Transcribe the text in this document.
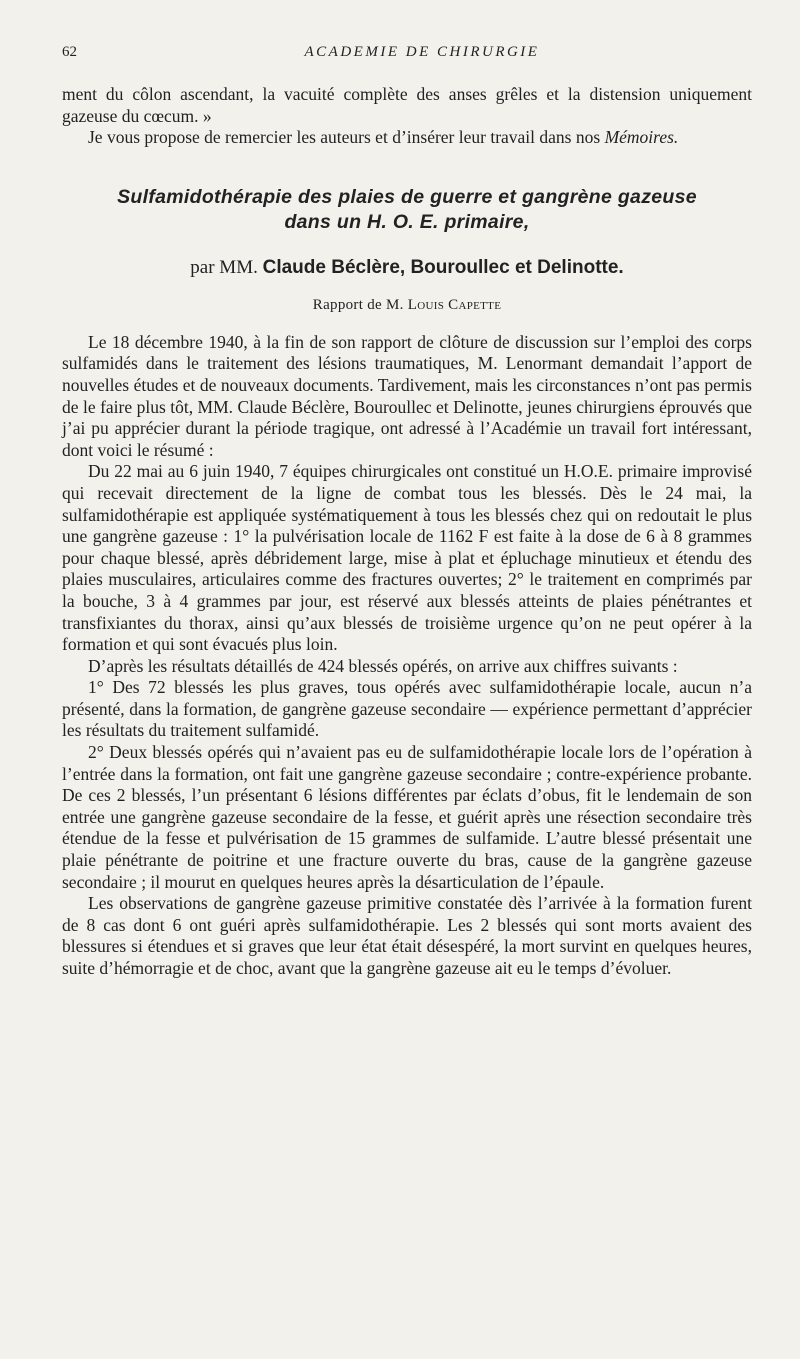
62	ACADEMIE DE CHIRURGIE

ment du côlon ascendant, la vacuité complète des anses grêles et la distension uniquement gazeuse du cœcum. »

Je vous propose de remercier les auteurs et d’insérer leur travail dans nos Mémoires.

Sulfamidothérapie des plaies de guerre et gangrène gazeuse
dans un H. O. E. primaire,
par MM. Claude Béclère, Bouroullec et Delinotte.
Rapport de M. Louis Capette

Le 18 décembre 1940, à la fin de son rapport de clôture de discussion sur l’emploi des corps sulfamidés dans le traitement des lésions traumatiques, M. Lenormant demandait l’apport de nouvelles études et de nouveaux documents. Tardivement, mais les circonstances n’ont pas permis de le faire plus tôt, MM. Claude Béclère, Bouroullec et Delinotte, jeunes chirurgiens éprouvés que j’ai pu apprécier durant la période tragique, ont adressé à l’Académie un travail fort intéressant, dont voici le résumé :

Du 22 mai au 6 juin 1940, 7 équipes chirurgicales ont constitué un H.O.E. primaire improvisé qui recevait directement de la ligne de combat tous les blessés. Dès le 24 mai, la sulfamidothérapie est appliquée systématiquement à tous les blessés chez qui on redoutait le plus une gangrène gazeuse : 1° la pulvérisation locale de 1162 F est faite à la dose de 6 à 8 grammes pour chaque blessé, après débridement large, mise à plat et épluchage minutieux et étendu des plaies musculaires, articulaires comme des fractures ouvertes; 2° le traitement en comprimés par la bouche, 3 à 4 grammes par jour, est réservé aux blessés atteints de plaies pénétrantes et transfixiantes du thorax, ainsi qu’aux blessés de troisième urgence qu’on ne peut opérer à la formation et qui sont évacués plus loin.

D’après les résultats détaillés de 424 blessés opérés, on arrive aux chiffres suivants :

1° Des 72 blessés les plus graves, tous opérés avec sulfamidothérapie locale, aucun n’a présenté, dans la formation, de gangrène gazeuse secondaire — expérience permettant d’apprécier les résultats du traitement sulfamidé.

2° Deux blessés opérés qui n’avaient pas eu de sulfamidothérapie locale lors de l’opération à l’entrée dans la formation, ont fait une gangrène gazeuse secondaire ; contre-expérience probante. De ces 2 blessés, l’un présentant 6 lésions différentes par éclats d’obus, fit le lendemain de son entrée une gangrène gazeuse secondaire de la fesse, et guérit après une résection secondaire très étendue de la fesse et pulvérisation de 15 grammes de sulfamide. L’autre blessé présentait une plaie pénétrante de poitrine et une fracture ouverte du bras, cause de la gangrène gazeuse secondaire ; il mourut en quelques heures après la désarticulation de l’épaule.

Les observations de gangrène gazeuse primitive constatée dès l’arrivée à la formation furent de 8 cas dont 6 ont guéri après sulfamidothérapie. Les 2 blessés qui sont morts avaient des blessures si étendues et si graves que leur état était désespéré, la mort survint en quelques heures, suite d’hémorragie et de choc, avant que la gangrène gazeuse ait eu le temps d’évoluer.
